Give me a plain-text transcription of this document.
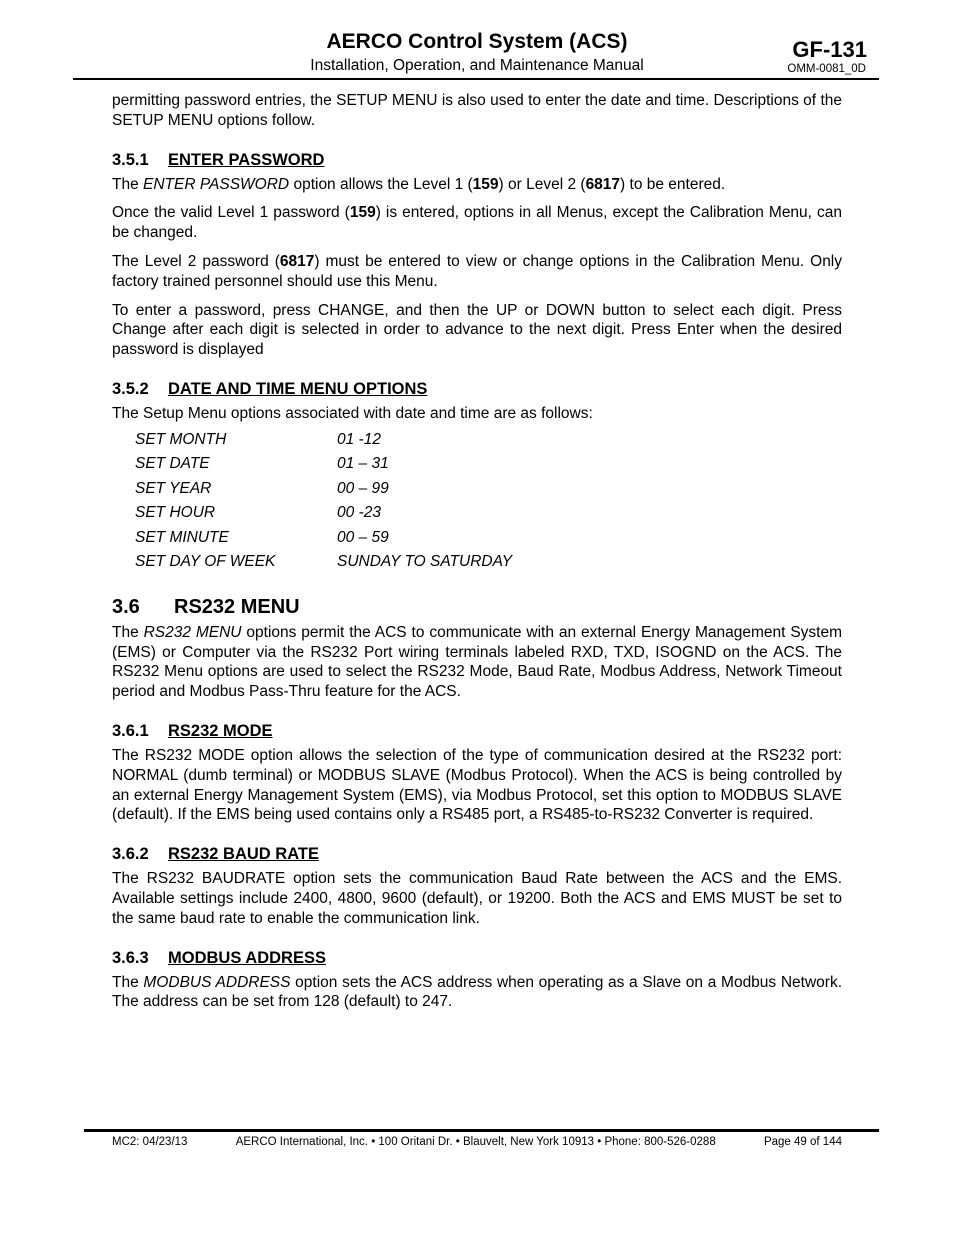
AERCO Control System (ACS)
Installation, Operation, and Maintenance Manual
GF-131
OMM-0081_0D

permitting password entries, the SETUP MENU is also used to enter the date and time. Descriptions of the SETUP MENU options follow.

3.5.1 ENTER PASSWORD

The ENTER PASSWORD option allows the Level 1 (159) or Level 2 (6817) to be entered.

Once the valid Level 1 password (159) is entered, options in all Menus, except the Calibration Menu, can be changed.

The Level 2 password (6817) must be entered to view or change options in the Calibration Menu. Only factory trained personnel should use this Menu.

To enter a password, press CHANGE, and then the UP or DOWN button to select each digit. Press Change after each digit is selected in order to advance to the next digit. Press Enter when the desired password is displayed

3.5.2 DATE AND TIME MENU OPTIONS

The Setup Menu options associated with date and time are as follows:

SET MONTH	01 -12
SET DATE	01 – 31
SET YEAR	00 – 99
SET HOUR	00 -23
SET MINUTE	00 – 59
SET DAY OF WEEK	SUNDAY TO SATURDAY
3.6 RS232 MENU

The RS232 MENU options permit the ACS to communicate with an external Energy Management System (EMS) or Computer via the RS232 Port wiring terminals labeled RXD, TXD, ISOGND on the ACS. The RS232 Menu options are used to select the RS232 Mode, Baud Rate, Modbus Address, Network Timeout period and Modbus Pass-Thru feature for the ACS.

3.6.1 RS232 MODE

The RS232 MODE option allows the selection of the type of communication desired at the RS232 port: NORMAL (dumb terminal) or MODBUS SLAVE (Modbus Protocol). When the ACS is being controlled by an external Energy Management System (EMS), via Modbus Protocol, set this option to MODBUS SLAVE (default). If the EMS being used contains only a RS485 port, a RS485-to-RS232 Converter is required.

3.6.2 RS232 BAUD RATE

The RS232 BAUDRATE option sets the communication Baud Rate between the ACS and the EMS. Available settings include 2400, 4800, 9600 (default), or 19200. Both the ACS and EMS MUST be set to the same baud rate to enable the communication link.

3.6.3 MODBUS ADDRESS

The MODBUS ADDRESS option sets the ACS address when operating as a Slave on a Modbus Network. The address can be set from 128 (default) to 247.

MC2: 04/23/13	AERCO International, Inc. • 100 Oritani Dr. • Blauvelt, New York 10913 • Phone: 800-526-0288	Page 49 of 144
